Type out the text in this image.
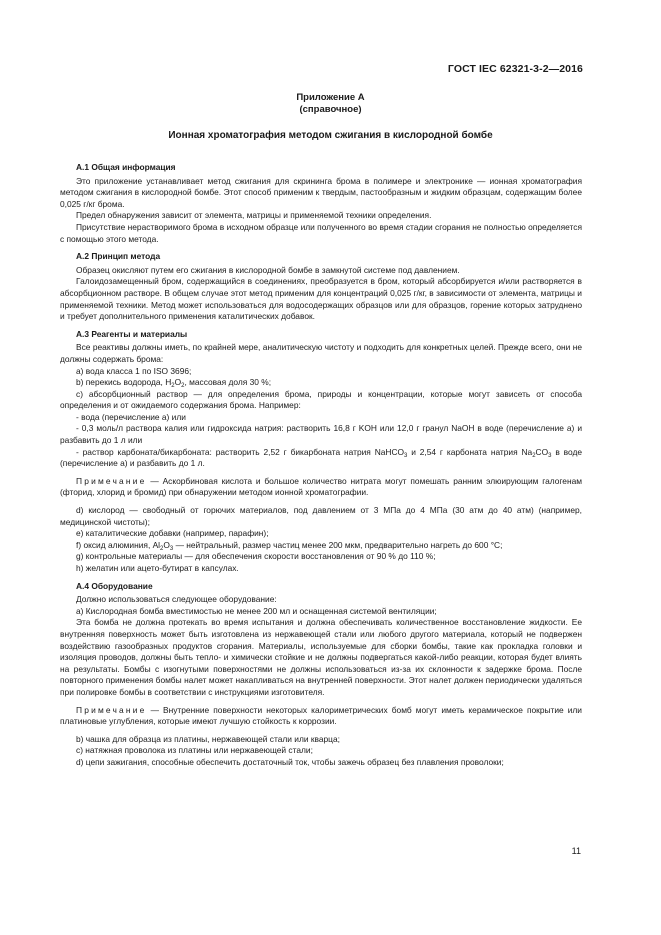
ГОСТ IEC 62321-3-2—2016
Приложение А
(справочное)
Ионная хроматография методом сжигания в кислородной бомбе

А.1 Общая информация

Это приложение устанавливает метод сжигания для скрининга брома в полимере и электронике — ионная хроматография методом сжигания в кислородной бомбе. Этот способ применим к твердым, пастообразным и жидким образцам, содержащим более 0,025 г/кг брома.

Предел обнаружения зависит от элемента, матрицы и применяемой техники определения.

Присутствие нерастворимого брома в исходном образце или полученного во время стадии сгорания не полностью определяется с помощью этого метода.

А.2 Принцип метода

Образец окисляют путем его сжигания в кислородной бомбе в замкнутой системе под давлением.

Галоидозамещенный бром, содержащийся в соединениях, преобразуется в бром, который абсорбируется и/или растворяется в абсорбционном растворе. В общем случае этот метод применим для концентраций 0,025 г/кг, в зависимости от элемента, матрицы и применяемой техники. Метод может использоваться для водосодержащих образцов или для образцов, горение которых затруднено и требует дополнительного применения каталитических добавок.

А.3 Реагенты и материалы

Все реактивы должны иметь, по крайней мере, аналитическую чистоту и подходить для конкретных целей. Прежде всего, они не должны содержать брома:

a) вода класса 1 по ISO 3696;

b) перекись водорода, $H_2O_2$, массовая доля 30 %;

c) абсорбционный раствор — для определения брома, природы и концентрации, которые могут зависеть от способа определения и от ожидаемого содержания брома. Например:

- вода (перечисление а) или

- 0,3 моль/л раствора калия или гидроксида натрия: растворить 16,8 г KOH или 12,0 г гранул NaOH в воде (перечисление а) и разбавить до 1 л или

- раствор карбоната/бикарбоната: растворить 2,52 г бикарбоната натрия NaHCO$_3$ и 2,54 г карбоната натрия $Na_2CO_3$ в воде (перечисление а) и разбавить до 1 л.

Примечание — Аскорбиновая кислота и большое количество нитрата могут помешать ранним элюирующим галогенам (фторид, хлорид и бромид) при обнаружении методом ионной хроматографии.

d) кислород — свободный от горючих материалов, под давлением от 3 МПа до 4 МПа (30 атм до 40 атм) (например, медицинской чистоты);

e) каталитические добавки (например, парафин);

f) оксид алюминия, $Al_2O_3$ — нейтральный, размер частиц менее 200 мкм, предварительно нагреть до 600 °С;

g) контрольные материалы — для обеспечения скорости восстановления от 90 % до 110 %;

h) желатин или ацето-бутират в капсулах.

А.4 Оборудование

Должно использоваться следующее оборудование:

a) Кислородная бомба вместимостью не менее 200 мл и оснащенная системой вентиляции;

Эта бомба не должна протекать во время испытания и должна обеспечивать количественное восстановление жидкости. Ее внутренняя поверхность может быть изготовлена из нержавеющей стали или любого другого материала, который не подвержен воздействию газообразных продуктов сгорания. Материалы, используемые для сборки бомбы, такие как прокладка головки и изоляция проводов, должны быть тепло- и химически стойкие и не должны подвергаться какой-либо реакции, которая будет влиять на результаты. Бомбы с изогнутыми поверхностями не должны использоваться из-за их склонности к задержке брома. После повторного применения бомбы налет может накапливаться на внутренней поверхности. Этот налет должен периодически удаляться при полировке бомбы в соответствии с инструкциями изготовителя.

Примечание — Внутренние поверхности некоторых калориметрических бомб могут иметь керамическое покрытие или платиновые углубления, которые имеют лучшую стойкость к коррозии.

b) чашка для образца из платины, нержавеющей стали или кварца;

c) натяжная проволока из платины или нержавеющей стали;

d) цепи зажигания, способные обеспечить достаточный ток, чтобы зажечь образец без плавления проволоки;

11
